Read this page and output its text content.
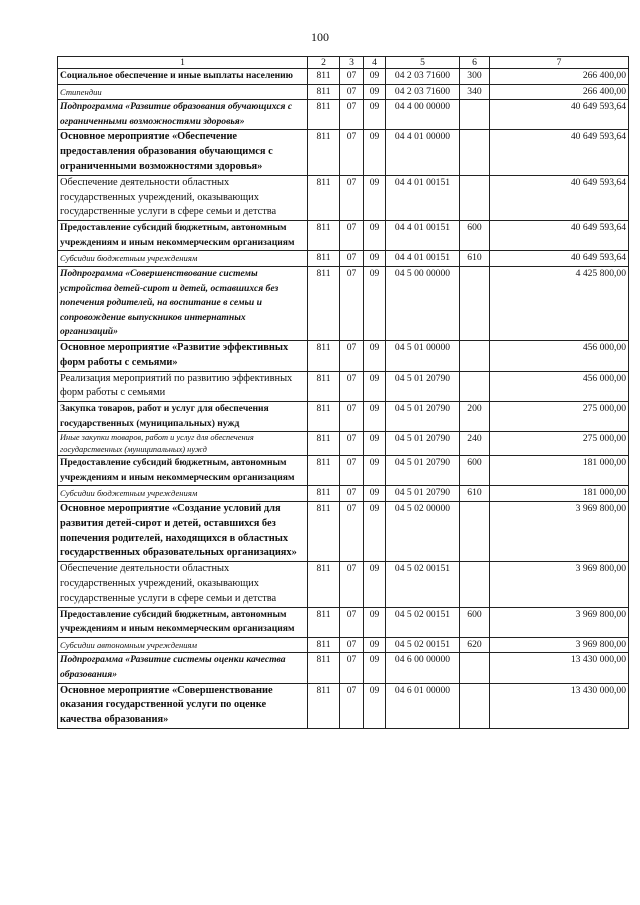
100
1	2	3	4	5	6	7
Социальное обеспечение и иные выплаты населению	811	07	09	04 2 03 71600	300	266 400,00
Стипендии	811	07	09	04 2 03 71600	340	266 400,00
Подпрограмма «Развитие образования обучающихся с ограниченными возможностями здоровья»	811	07	09	04 4 00 00000		40 649 593,64
Основное мероприятие «Обеспечение предоставления образования обучающимся с ограниченными возможностями здоровья»	811	07	09	04 4 01 00000		40 649 593,64
Обеспечение деятельности областных государственных учреждений, оказывающих государственные услуги в сфере семьи и детства	811	07	09	04 4 01 00151		40 649 593,64
Предоставление субсидий бюджетным, автономным учреждениям и иным некоммерческим организациям	811	07	09	04 4 01 00151	600	40 649 593,64
Субсидии бюджетным учреждениям	811	07	09	04 4 01 00151	610	40 649 593,64
Подпрограмма «Совершенствование системы устройства детей-сирот и детей, оставшихся без попечения родителей, на воспитание в семьи и сопровождение выпускников интернатных организаций»	811	07	09	04 5 00 00000		4 425 800,00
Основное мероприятие «Развитие эффективных форм работы с семьями»	811	07	09	04 5 01 00000		456 000,00
Реализация мероприятий по развитию эффективных форм работы с семьями	811	07	09	04 5 01 20790		456 000,00
Закупка товаров, работ и услуг для обеспечения государственных (муниципальных) нужд	811	07	09	04 5 01 20790	200	275 000,00
Иные закупки товаров, работ и услуг для обеспечения государственных (муниципальных) нужд	811	07	09	04 5 01 20790	240	275 000,00
Предоставление субсидий бюджетным, автономным учреждениям и иным некоммерческим организациям	811	07	09	04 5 01 20790	600	181 000,00
Субсидии бюджетным учреждениям	811	07	09	04 5 01 20790	610	181 000,00
Основное мероприятие «Создание условий для развития детей-сирот и детей, оставшихся без попечения родителей, находящихся в областных государственных образовательных организациях»	811	07	09	04 5 02 00000		3 969 800,00
Обеспечение деятельности областных государственных учреждений, оказывающих государственные услуги в сфере семьи и детства	811	07	09	04 5 02 00151		3 969 800,00
Предоставление субсидий бюджетным, автономным учреждениям и иным некоммерческим организациям	811	07	09	04 5 02 00151	600	3 969 800,00
Субсидии автономным учреждениям	811	07	09	04 5 02 00151	620	3 969 800,00
Подпрограмма «Развитие системы оценки качества образования»	811	07	09	04 6 00 00000		13 430 000,00
Основное мероприятие «Совершенствование оказания государственной услуги по оценке качества образования»	811	07	09	04 6 01 00000		13 430 000,00
